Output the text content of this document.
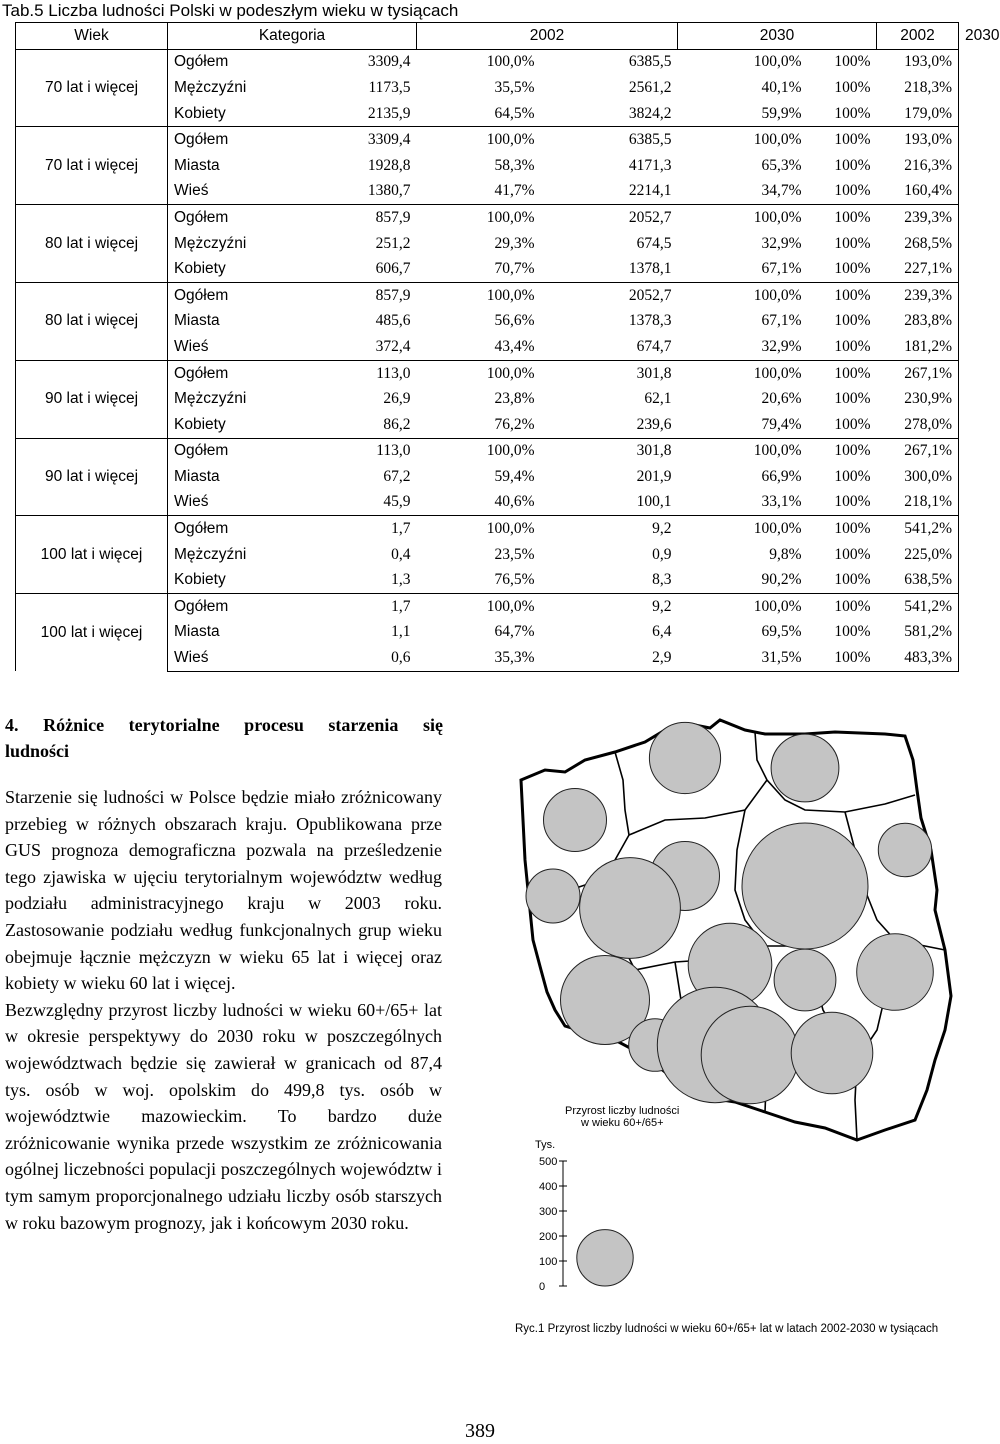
Tab.5 Liczba ludności Polski w podeszłym wieku w tysiącach
Wiek	Kategoria		2002		2030		2002	2030
70 lat i więcej	Ogółem	3309,4	100,0%	6385,5	100,0%	100%	193,0%	
	Mężczyźni	1173,5	35,5%	2561,2	40,1%	100%	218,3%	
	Kobiety	2135,9	64,5%	3824,2	59,9%	100%	179,0%	
70 lat i więcej	Ogółem	3309,4	100,0%	6385,5	100,0%	100%	193,0%	
	Miasta	1928,8	58,3%	4171,3	65,3%	100%	216,3%	
	Wieś	1380,7	41,7%	2214,1	34,7%	100%	160,4%	
80 lat i więcej	Ogółem	857,9	100,0%	2052,7	100,0%	100%	239,3%	
	Mężczyźni	251,2	29,3%	674,5	32,9%	100%	268,5%	
	Kobiety	606,7	70,7%	1378,1	67,1%	100%	227,1%	
80 lat i więcej	Ogółem	857,9	100,0%	2052,7	100,0%	100%	239,3%	
	Miasta	485,6	56,6%	1378,3	67,1%	100%	283,8%	
	Wieś	372,4	43,4%	674,7	32,9%	100%	181,2%	
90 lat i więcej	Ogółem	113,0	100,0%	301,8	100,0%	100%	267,1%	
	Mężczyźni	26,9	23,8%	62,1	20,6%	100%	230,9%	
	Kobiety	86,2	76,2%	239,6	79,4%	100%	278,0%	
90 lat i więcej	Ogółem	113,0	100,0%	301,8	100,0%	100%	267,1%	
	Miasta	67,2	59,4%	201,9	66,9%	100%	300,0%	
	Wieś	45,9	40,6%	100,1	33,1%	100%	218,1%	
100 lat i więcej	Ogółem	1,7	100,0%	9,2	100,0%	100%	541,2%	
	Mężczyźni	0,4	23,5%	0,9	9,8%	100%	225,0%	
	Kobiety	1,3	76,5%	8,3	90,2%	100%	638,5%	
100 lat i więcej	Ogółem	1,7	100,0%	9,2	100,0%	100%	541,2%	
	Miasta	1,1	64,7%	6,4	69,5%	100%	581,2%	
	Wieś	0,6	35,3%	2,9	31,5%	100%	483,3%	
4. Różnice terytorialne procesu starzenia się
ludności

Starzenie się ludności w Polsce będzie miało zróżnicowany przebieg w różnych obszarach kraju. Opublikowana prze GUS prognoza demograficzna pozwala na prześledzenie tego zjawiska w ujęciu terytorialnym województw według podziału administracyjnego kraju w 2003 roku. Zastosowanie podziału według funkcjonalnych grup wieku obejmuje łącznie mężczyzn w wieku 65 lat i więcej oraz kobiety w wieku 60 lat i więcej.

Bezwzględny przyrost liczby ludności w wieku 60+/65+ lat w okresie perspektywy do 2030 roku w poszczególnych województwach będzie się zawierał w granicach od 87,4 tys. osób w woj. opolskim do 499,8 tys. osób w województwie mazowieckim. To bardzo duże zróżnicowanie wynika przede wszystkim ze zróżnicowania ogólnej liczebności populacji poszczególnych województw i tym samym proporcjonalnego udziału liczby osób starszych w roku bazowym prognozy, jak i końcowym 2030 roku.

Przyrost liczby ludności
w wieku 60+/65+
Tys.
500
400
300
200
100
0
Ryc.1 Przyrost liczby ludności w wieku 60+/65+ lat w latach 2002-2030 w tysiącach
389
